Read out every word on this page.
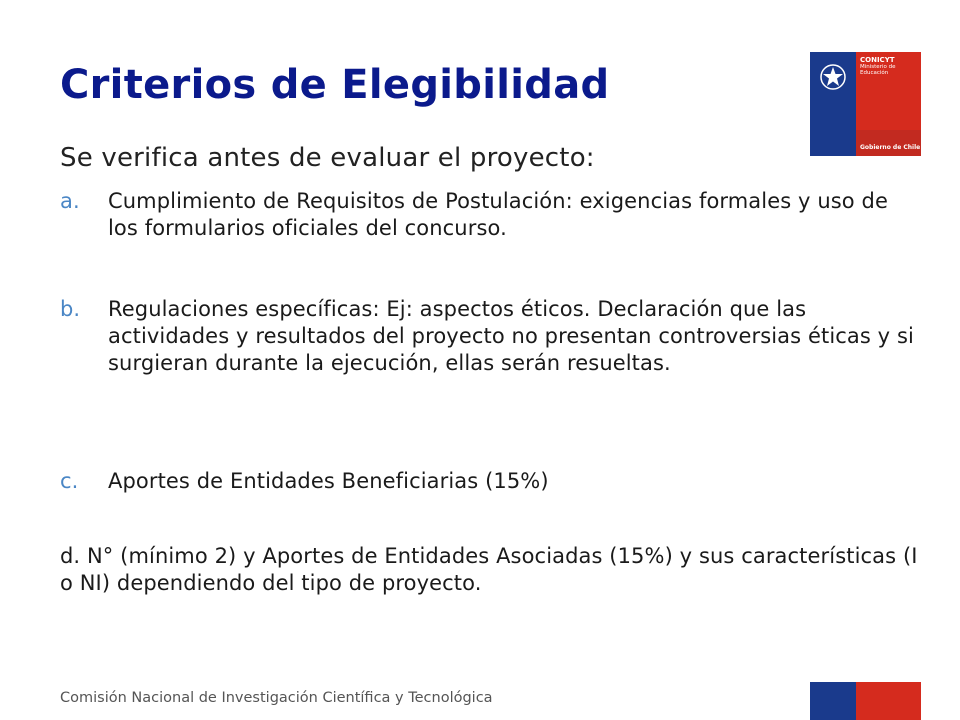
Criterios de Elegibilidad
CONICYT
Ministerio de Educación
Gobierno de Chile

Se verifica antes de evaluar el proyecto:

a.	Cumplimiento de Requisitos de Postulación: exigencias formales y uso de los formularios oficiales del concurso.
b.	Regulaciones específicas: Ej: aspectos éticos. Declaración que las actividades y resultados del proyecto no presentan controversias éticas y si surgieran durante la ejecución, ellas serán resueltas.
c.	Aportes de Entidades Beneficiarias (15%)
d. N° (mínimo 2) y Aportes de Entidades Asociadas (15%) y sus características (I o NI) dependiendo del tipo de proyecto.
Comisión Nacional de Investigación Científica y Tecnológica
